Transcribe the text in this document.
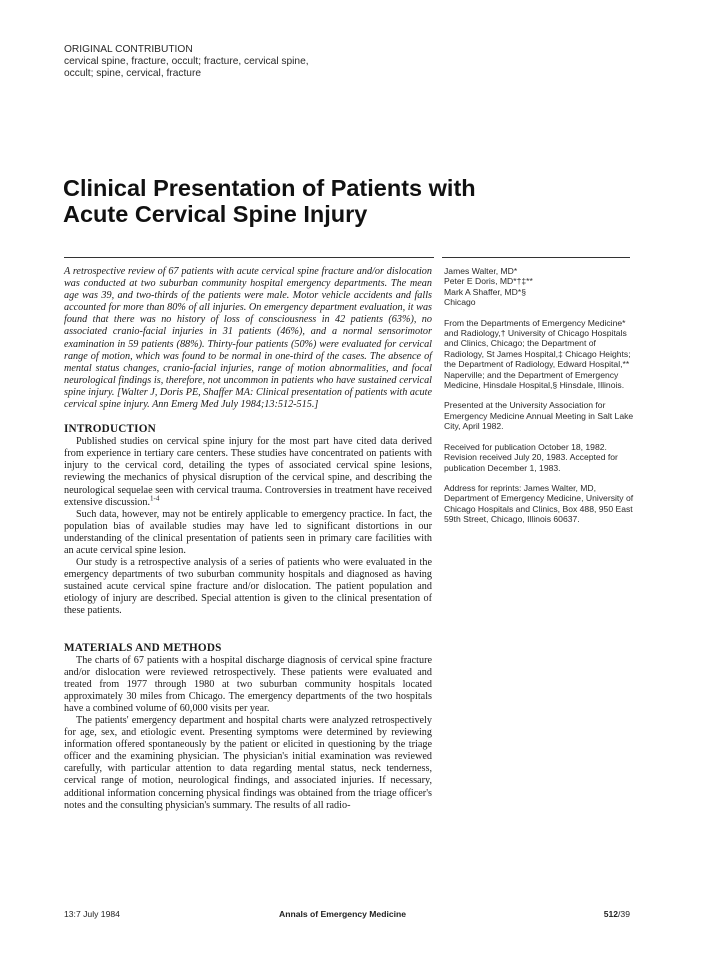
ORIGINAL CONTRIBUTION
cervical spine, fracture, occult; fracture, cervical spine,
occult; spine, cervical, fracture
Clinical Presentation of Patients with
Acute Cervical Spine Injury

A retrospective review of 67 patients with acute cervical spine fracture and/or dislocation was conducted at two suburban community hospital emergency departments. The mean age was 39, and two-thirds of the patients were male. Motor vehicle accidents and falls accounted for more than 80% of all injuries. On emergency department evaluation, it was found that there was no history of loss of consciousness in 42 patients (63%), no associated cranio-facial injuries in 31 patients (46%), and a normal sensorimotor examination in 59 patients (88%). Thirty-four patients (50%) were evaluated for cervical range of motion, which was found to be normal in one-third of the cases. The absence of mental status changes, cranio-facial injuries, range of motion abnormalities, and focal neurological findings is, therefore, not uncommon in patients who have sustained cervical spine injury. [Walter J, Doris PE, Shaffer MA: Clinical presentation of patients with acute cervical spine injury. Ann Emerg Med July 1984;13:512-515.]

INTRODUCTION

Published studies on cervical spine injury for the most part have cited data derived from experience in tertiary care centers. These studies have concentrated on patients with injury to the cervical cord, detailing the types of associated cervical spine lesions, reviewing the mechanics of physical disruption of the cervical spine, and describing the neurological sequelae seen with cervical trauma. Controversies in treatment have received extensive discussion.$^{1-4}$

Such data, however, may not be entirely applicable to emergency practice. In fact, the population bias of available studies may have led to significant distortions in our understanding of the clinical presentation of patients seen in primary care facilities with an acute cervical spine lesion.

Our study is a retrospective analysis of a series of patients who were evaluated in the emergency departments of two suburban community hospitals and diagnosed as having sustained acute cervical spine fracture and/or dislocation. The patient population and etiology of injury are described. Special attention is given to the clinical presentation of these patients.

MATERIALS AND METHODS

The charts of 67 patients with a hospital discharge diagnosis of cervical spine fracture and/or dislocation were reviewed retrospectively. These patients were evaluated and treated from 1977 through 1980 at two suburban community hospitals located approximately 30 miles from Chicago. The emergency departments of the two hospitals have a combined volume of 60,000 visits per year.

The patients' emergency department and hospital charts were analyzed retrospectively for age, sex, and etiologic event. Presenting symptoms were determined by reviewing information offered spontaneously by the patient or elicited in questioning by the triage officer and the examining physician. The physician's initial examination was reviewed carefully, with particular attention to data regarding mental status, neck tenderness, cervical range of motion, neurological findings, and associated injuries. If necessary, additional information concerning physical findings was obtained from the triage officer's notes and the consulting physician's summary. The results of all radio-

James Walter, MD*
Peter E Doris, MD*†‡**
Mark A Shaffer, MD*§
Chicago

From the Departments of Emergency Medicine* and Radiology,† University of Chicago Hospitals and Clinics, Chicago; the Department of Radiology, St James Hospital,‡ Chicago Heights; the Department of Radiology, Edward Hospital,** Naperville; and the Department of Emergency Medicine, Hinsdale Hospital,§ Hinsdale, Illinois.

Presented at the University Association for Emergency Medicine Annual Meeting in Salt Lake City, April 1982.

Received for publication October 18, 1982. Revision received July 20, 1983. Accepted for publication December 1, 1983.

Address for reprints: James Walter, MD, Department of Emergency Medicine, University of Chicago Hospitals and Clinics, Box 488, 950 East 59th Street, Chicago, Illinois 60637.

13:7 July 1984	Annals of Emergency Medicine	512/39
